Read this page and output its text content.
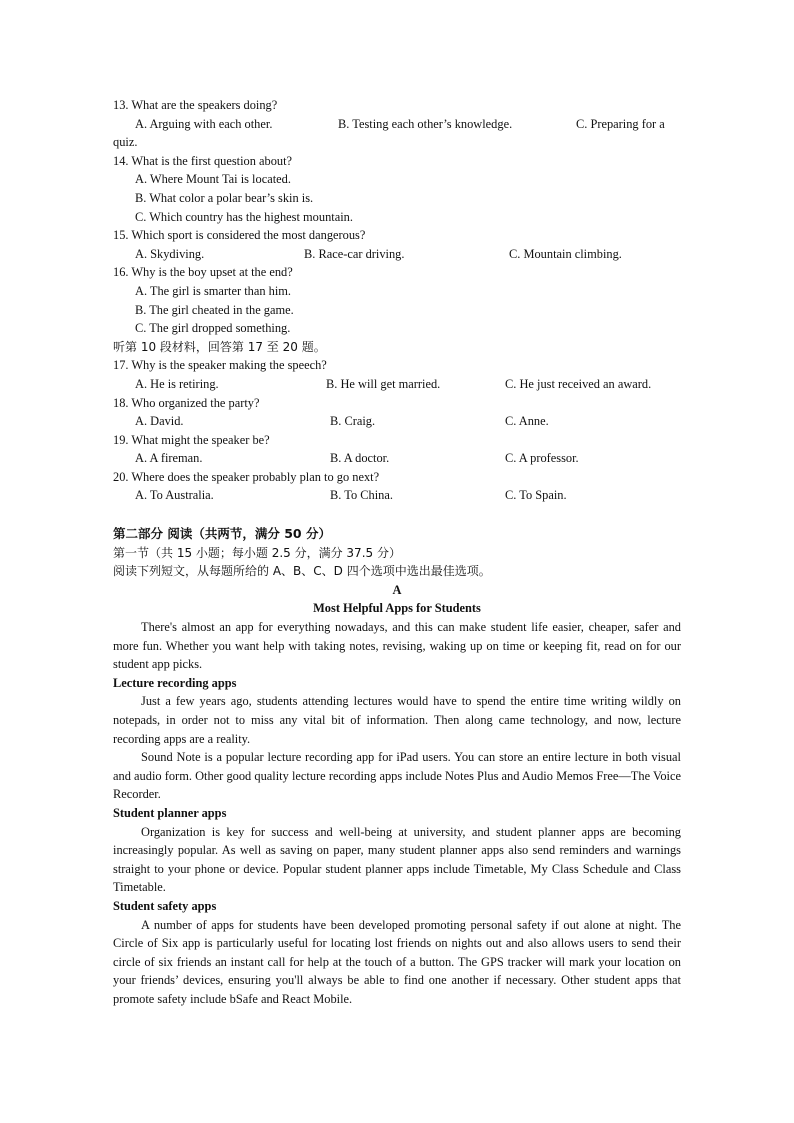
13. What are the speakers doing?
A. Arguing with each other.	B. Testing each other’s knowledge.	C. Preparing for a
quiz.
14. What is the first question about?
A. Where Mount Tai is located.
B. What color a polar bear’s skin is.
C. Which country has the highest mountain.
15. Which sport is considered the most dangerous?
A. Skydiving.	B. Race-car driving.	C. Mountain climbing.
16. Why is the boy upset at the end?
A. The girl is smarter than him.
B. The girl cheated in the game.
C. The girl dropped something.
听第 10 段材料，回答第 17 至 20 题。
17. Why is the speaker making the speech?
A. He is retiring.	B. He will get married.	C. He just received an award.
18. Who organized the party?
A. David.	B. Craig.	C. Anne.
19. What might the speaker be?
A. A fireman.	B. A doctor.	C. A professor.
20. Where does the speaker probably plan to go next?
A. To Australia.	B. To China.	C. To Spain.
第二部分 阅读（共两节，满分 50 分）
第一节（共 15 小题；每小题 2.5 分，满分 37.5 分）
阅读下列短文，从每题所给的 A、B、C、D 四个选项中选出最佳选项。
A
Most Helpful Apps for Students

There's almost an app for everything nowadays, and this can make student life easier, cheaper, safer and more fun. Whether you want help with taking notes, revising, waking up on time or keeping fit, read on for our student app picks.

Lecture recording apps

Just a few years ago, students attending lectures would have to spend the entire time writing wildly on notepads, in order not to miss any vital bit of information. Then along came technology, and now, lecture recording apps are a reality.

Sound Note is a popular lecture recording app for iPad users. You can store an entire lecture in both visual and audio form. Other good quality lecture recording apps include Notes Plus and Audio Memos Free—The Voice Recorder.

Student planner apps

Organization is key for success and well-being at university, and student planner apps are becoming increasingly popular. As well as saving on paper, many student planner apps also send reminders and warnings straight to your phone or device. Popular student planner apps include Timetable, My Class Schedule and Class Timetable.

Student safety apps

A number of apps for students have been developed promoting personal safety if out alone at night. The Circle of Six app is particularly useful for locating lost friends on nights out and also allows users to send their circle of six friends an instant call for help at the touch of a button. The GPS tracker will mark your location on your friends’ devices, ensuring you'll always be able to find one another if necessary. Other student apps that promote safety include bSafe and React Mobile.
